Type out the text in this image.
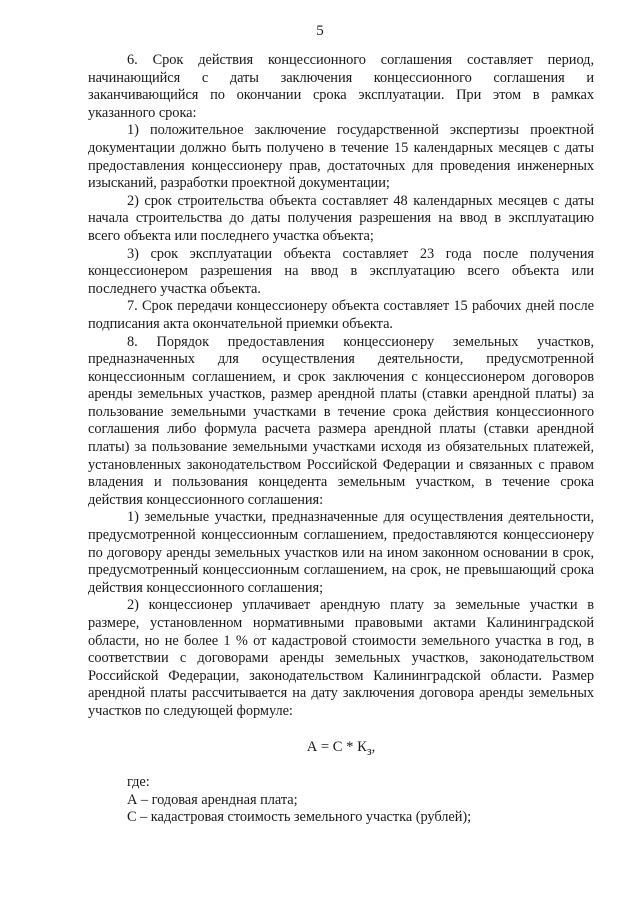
5

6. Срок действия концессионного соглашения составляет период, начинающийся с даты заключения концессионного соглашения и заканчивающийся по окончании срока эксплуатации. При этом в рамках указанного срока:

1) положительное заключение государственной экспертизы проектной документации должно быть получено в течение 15 календарных месяцев с даты предоставления концессионеру прав, достаточных для проведения инженерных изысканий, разработки проектной документации;

2) срок строительства объекта составляет 48 календарных месяцев с даты начала строительства до даты получения разрешения на ввод в эксплуатацию всего объекта или последнего участка объекта;

3) срок эксплуатации объекта составляет 23 года после получения концессионером разрешения на ввод в эксплуатацию всего объекта или последнего участка объекта.

7. Срок передачи концессионеру объекта составляет 15 рабочих дней после подписания акта окончательной приемки объекта.

8. Порядок предоставления концессионеру земельных участков, предназначенных для осуществления деятельности, предусмотренной концессионным соглашением, и срок заключения с концессионером договоров аренды земельных участков, размер арендной платы (ставки арендной платы) за пользование земельными участками в течение срока действия концессионного соглашения либо формула расчета размера арендной платы (ставки арендной платы) за пользование земельными участками исходя из обязательных платежей, установленных законодательством Российской Федерации и связанных с правом владения и пользования концедента земельным участком, в течение срока действия концессионного соглашения:

1) земельные участки, предназначенные для осуществления деятельности, предусмотренной концессионным соглашением, предоставляются концессионеру по договору аренды земельных участков или на ином законном основании в срок, предусмотренный концессионным соглашением, на срок, не превышающий срока действия концессионного соглашения;

2) концессионер уплачивает арендную плату за земельные участки в размере, установленном нормативными правовыми актами Калининградской области, но не более 1 % от кадастровой стоимости земельного участка в год, в соответствии с договорами аренды земельных участков, законодательством Российской Федерации, законодательством Калининградской области. Размер арендной платы рассчитывается на дату заключения договора аренды земельных участков по следующей формуле:

$А = С * К_з$,

где:

А – годовая арендная плата;

С – кадастровая стоимость земельного участка (рублей);
